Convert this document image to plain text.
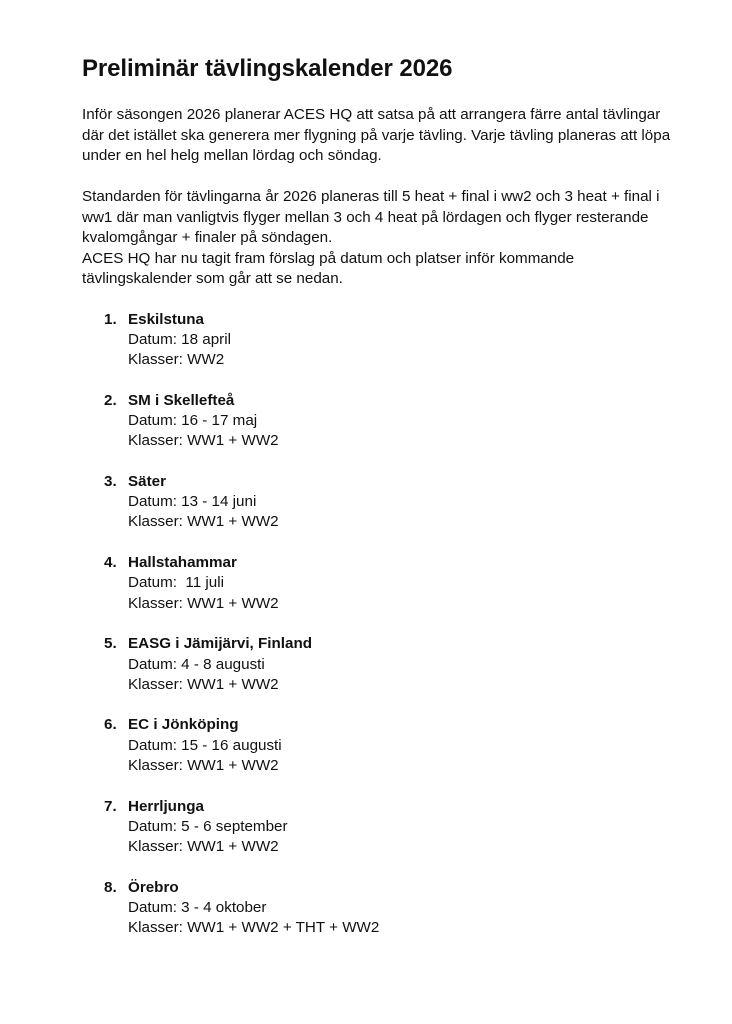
Preliminär tävlingskalender 2026

Inför säsongen 2026 planerar ACES HQ att satsa på att arrangera färre antal tävlingar där det istället ska generera mer flygning på varje tävling. Varje tävling planeras att löpa under en hel helg mellan lördag och söndag.

Standarden för tävlingarna år 2026 planeras till 5 heat + final i ww2 och 3 heat + final i ww1 där man vanligtvis flyger mellan 3 och 4 heat på lördagen och flyger resterande kvalomgångar + finaler på söndagen.

ACES HQ har nu tagit fram förslag på datum och platser inför kommande tävlingskalender som går att se nedan.

1. Eskilstuna
Datum: 18 april
Klasser: WW2
2. SM i Skellefteå
Datum: 16 - 17 maj
Klasser: WW1 + WW2
3. Säter
Datum: 13 - 14 juni
Klasser: WW1 + WW2
4. Hallstahammar
Datum:  11 juli
Klasser: WW1 + WW2
5. EASG i Jämijärvi, Finland
Datum: 4 - 8 augusti
Klasser: WW1 + WW2
6. EC i Jönköping
Datum: 15 - 16 augusti
Klasser: WW1 + WW2
7. Herrljunga
Datum: 5 - 6 september
Klasser: WW1 + WW2
8. Örebro
Datum: 3 - 4 oktober
Klasser: WW1 + WW2 + THT + WW2
